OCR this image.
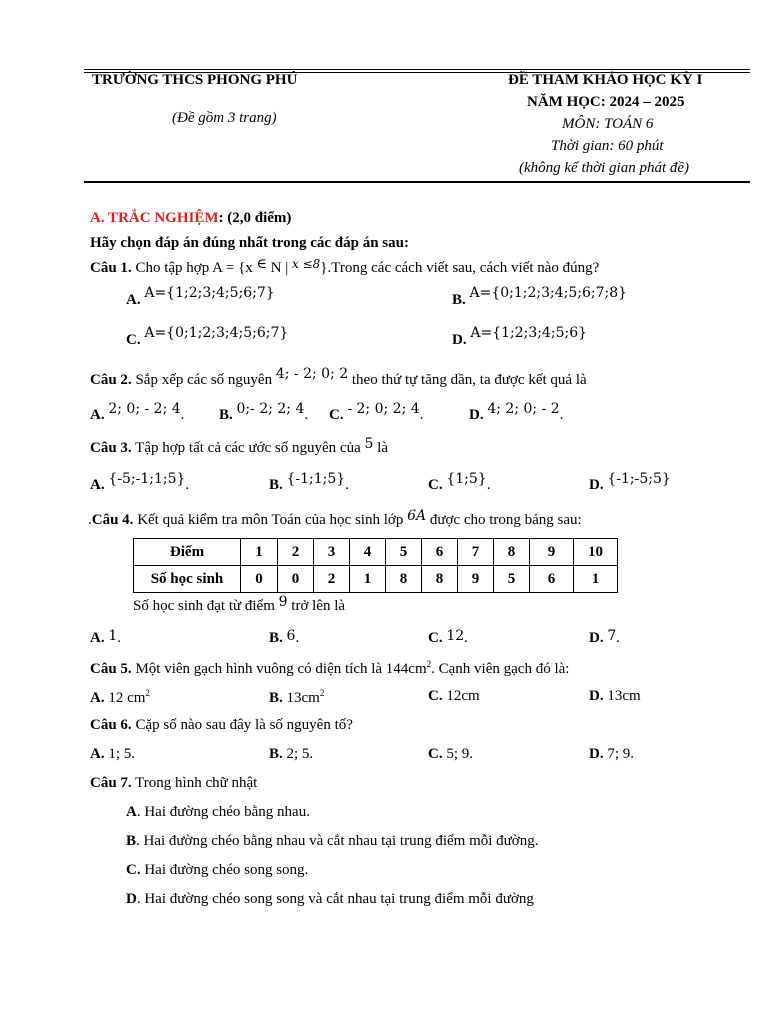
TRƯỜNG THCS PHONG PHÚ
(Đề gồm 3 trang)
ĐỀ THAM KHẢO HỌC KỲ I
NĂM HỌC: 2024 – 2025
MÔN: TOÁN 6
Thời gian: 60 phút
(không kể thời gian phát đề)
A. TRẮC NGHIỆM: (2,0 điểm)
Hãy chọn đáp án đúng nhất trong các đáp án sau:
Câu 1. Cho tập hợp A = {x ∈ N | $^{x \le 8}$}.Trong các cách viết sau, cách viết nào đúng?
A. A={1;2;3;4;5;6;7}	B. A={0;1;2;3;4;5;6;7;8}
C. A={0;1;2;3;4;5;6;7}	D. A={1;2;3;4;5;6}
Câu 2. Sắp xếp các số nguyên 4; - 2; 0; 2 theo thứ tự tăng dần, ta được kết quả là
A. 2; 0; - 2; 4. B. 0;- 2; 2; 4. C. - 2; 0; 2; 4.	D. 4; 2; 0; - 2.
Câu 3. Tập hợp tất cả các ước số nguyên của 5 là
A. {-5;-1;1;5}.	B. {-1;1;5}.	C. {1;5}.	D. {-1;-5;5}
.Câu 4. Kết quả kiểm tra môn Toán của học sinh lớp 6A được cho trong bảng sau:
Điểm	1	2	3	4	5	6	7	8	9	10
Số học sinh	0	0	2	1	8	8	9	5	6	1
Số học sinh đạt từ điểm 9 trở lên là
A. 1.	B. 6.	C. 12.	D. 7.
Câu 5. Một viên gạch hình vuông có diện tích là $144cm^2$. Cạnh viên gạch đó là:
A. 12 $cm^2$	B. $13cm^2$	C. 12cm	D. 13cm
Câu 6. Cặp số nào sau đây là số nguyên tố?
A. 1; 5.	B. 2; 5.	C. 5; 9.	D. 7; 9.
Câu 7. Trong hình chữ nhật
A. Hai đường chéo bằng nhau.
B. Hai đường chéo bằng nhau và cắt nhau tại trung điểm mỗi đường.
C. Hai đường chéo song song.
D. Hai đường chéo song song và cắt nhau tại trung điểm mỗi đường
